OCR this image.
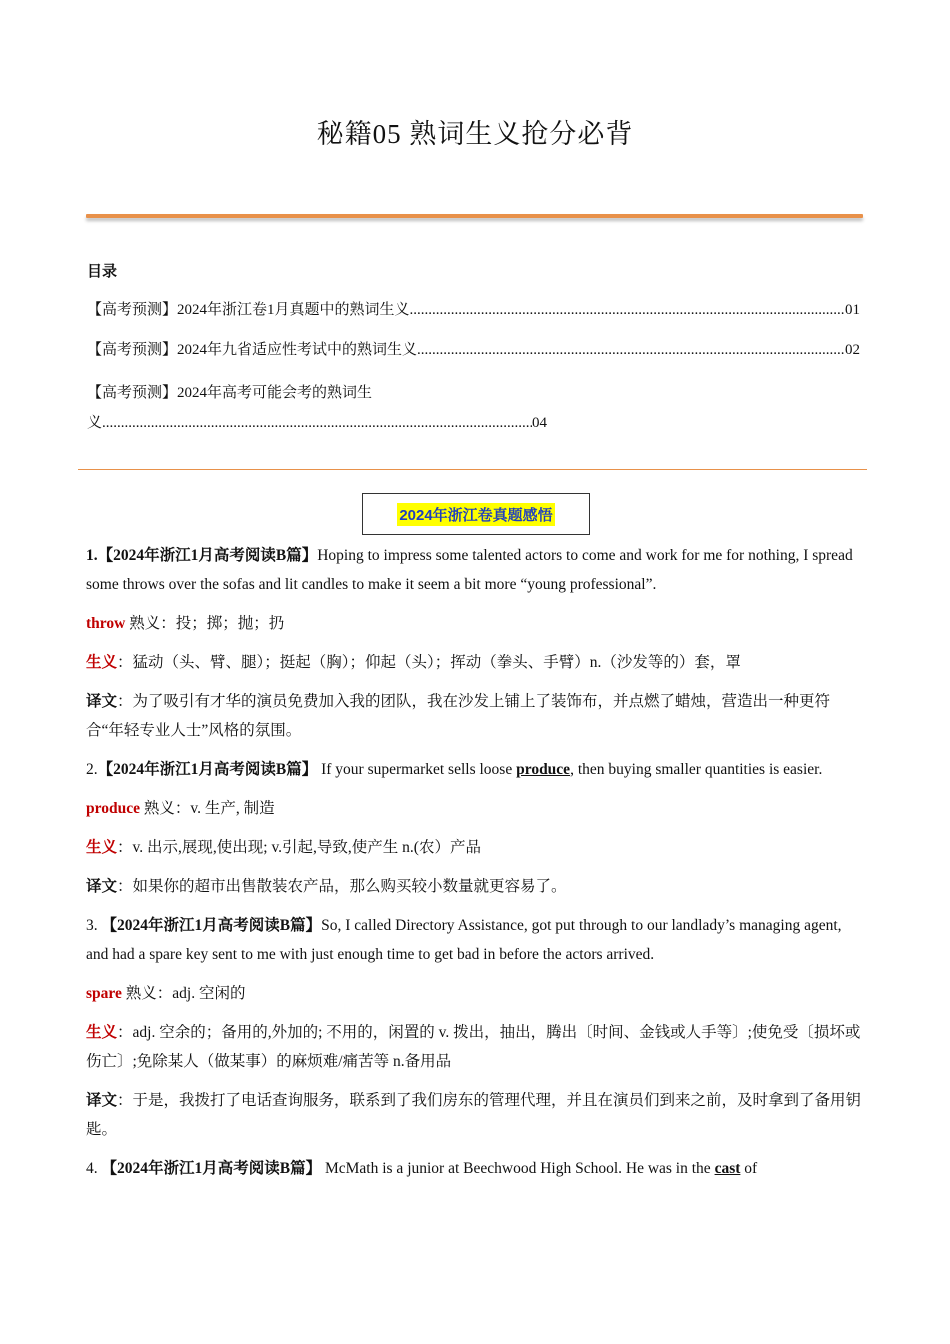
秘籍05 熟词生义抢分必背
目录
【高考预测】2024年浙江卷1月真题中的熟词生义 .....	01
【高考预测】2024年九省适应性考试中的熟词生义 .....	02
【高考预测】2024年高考可能会考的熟词生
义 .....	04
2024年浙江卷真题感悟

1.【2024年浙江1月高考阅读B篇】Hoping to impress some talented actors to come and work for me for nothing, I spread some throws over the sofas and lit candles to make it seem a bit more “young professional”.

throw 熟义：投；掷；抛；扔

生义：猛动（头、臂、腿）；挺起（胸）；仰起（头）；挥动（拳头、手臂）n.（沙发等的）套，罩

译文：为了吸引有才华的演员免费加入我的团队，我在沙发上铺上了装饰布，并点燃了蜡烛，营造出一种更符合“年轻专业人士”风格的氛围。

2.【2024年浙江1月高考阅读B篇】 If your supermarket sells loose produce, then buying smaller quantities is easier.

produce 熟义：v. 生产, 制造

生义：v. 出示,展现,使出现; v.引起,导致,使产生 n.(农）产品

译文：如果你的超市出售散装农产品，那么购买较小数量就更容易了。

3. 【2024年浙江1月高考阅读B篇】So, I called Directory Assistance, got put through to our landlady’s managing agent, and had a spare key sent to me with just enough time to get bad in before the actors arrived.

spare 熟义：adj. 空闲的

生义：adj. 空余的；备用的,外加的; 不用的，闲置的 v. 拨出，抽出，腾出〔时间、金钱或人手等〕;使免受〔损坏或伤亡〕;免除某人（做某事）的麻烦难/痛苦等 n.备用品

译文：于是，我拨打了电话查询服务，联系到了我们房东的管理代理，并且在演员们到来之前，及时拿到了备用钥匙。

4. 【2024年浙江1月高考阅读B篇】 McMath is a junior at Beechwood High School. He was in the cast of
